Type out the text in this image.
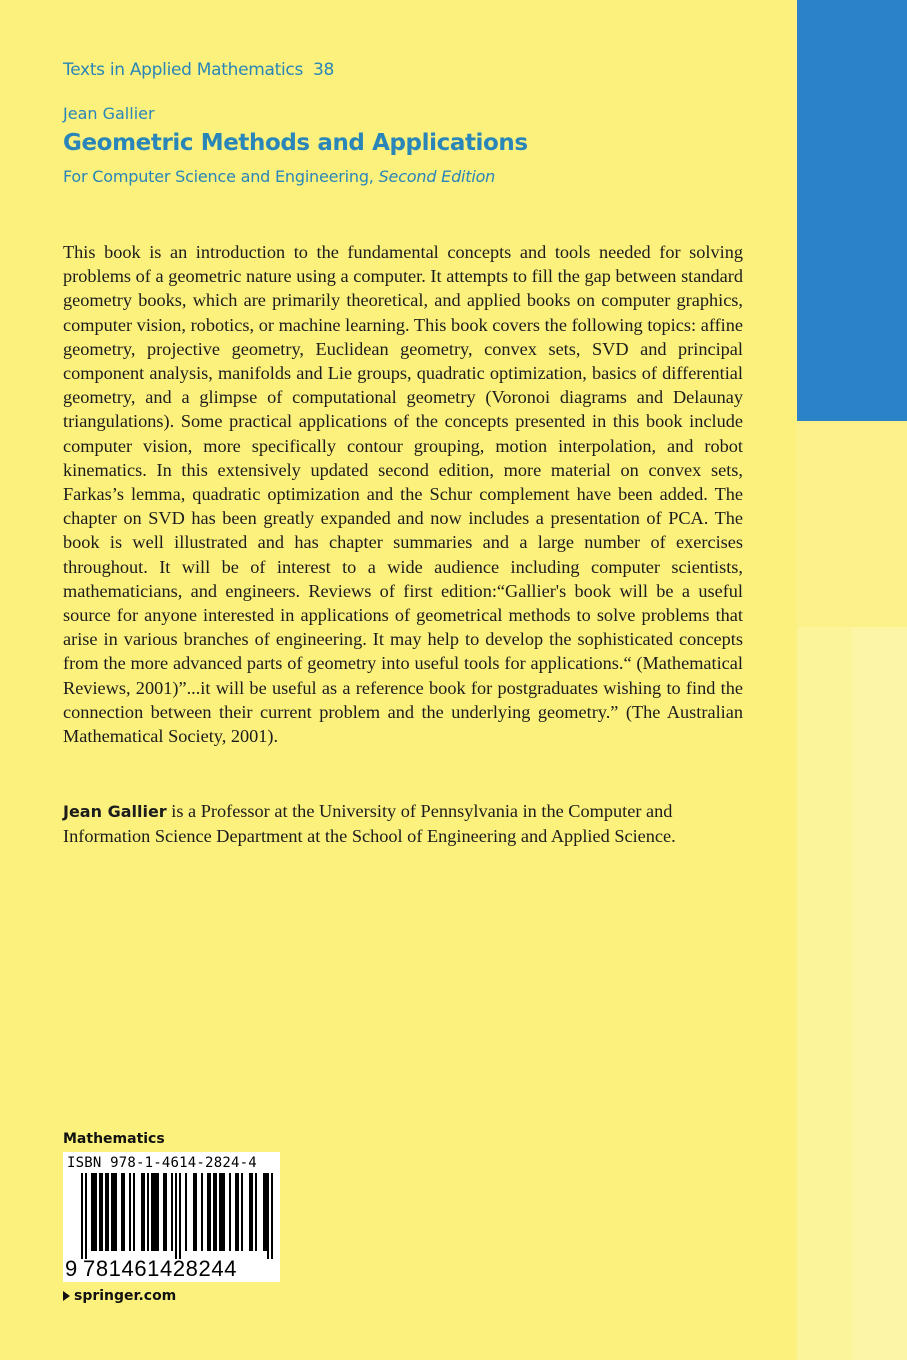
Texts in Applied Mathematics 38
Jean Gallier
Geometric Methods and Applications
For Computer Science and Engineering, Second Edition

This book is an introduction to the fundamental concepts and tools needed for solving problems of a geometric nature using a computer. It attempts to fill the gap between standard geometry books, which are primarily theoretical, and applied books on computer graphics, computer vision, robotics, or machine learning. This book covers the following topics: affine geometry, projective geometry, Euclidean geometry, convex sets, SVD and principal component analysis, manifolds and Lie groups, quadratic optimization, basics of differential geometry, and a glimpse of computational geometry (Voronoi diagrams and Delaunay triangulations). Some practical applications of the concepts presented in this book include computer vision, more specifically contour grouping, motion interpolation, and robot kinematics. In this extensively updated second edition, more material on convex sets, Farkas’s lemma, quadratic optimization and the Schur complement have been added. The chapter on SVD has been greatly expanded and now includes a presentation of PCA. The book is well illustrated and has chapter summaries and a large number of exercises throughout. It will be of interest to a wide audience including computer scientists, mathematicians, and engineers. Reviews of first edition:“Gallier's book will be a useful source for anyone interested in applications of geometrical methods to solve problems that arise in various branches of engineering. It may help to develop the sophisticated concepts from the more advanced parts of geometry into useful tools for applications.“ (Mathematical Reviews, 2001)”...it will be useful as a reference book for postgraduates wishing to find the connection between their current problem and the underlying geometry.” (The Australian Mathematical Society, 2001).

Jean Gallier is a Professor at the University of Pennsylvania in the Computer and Information Science Department at the School of Engineering and Applied Science.

Mathematics
ISBN 978-1-4614-2824-4
9 781461428244
springer.com
